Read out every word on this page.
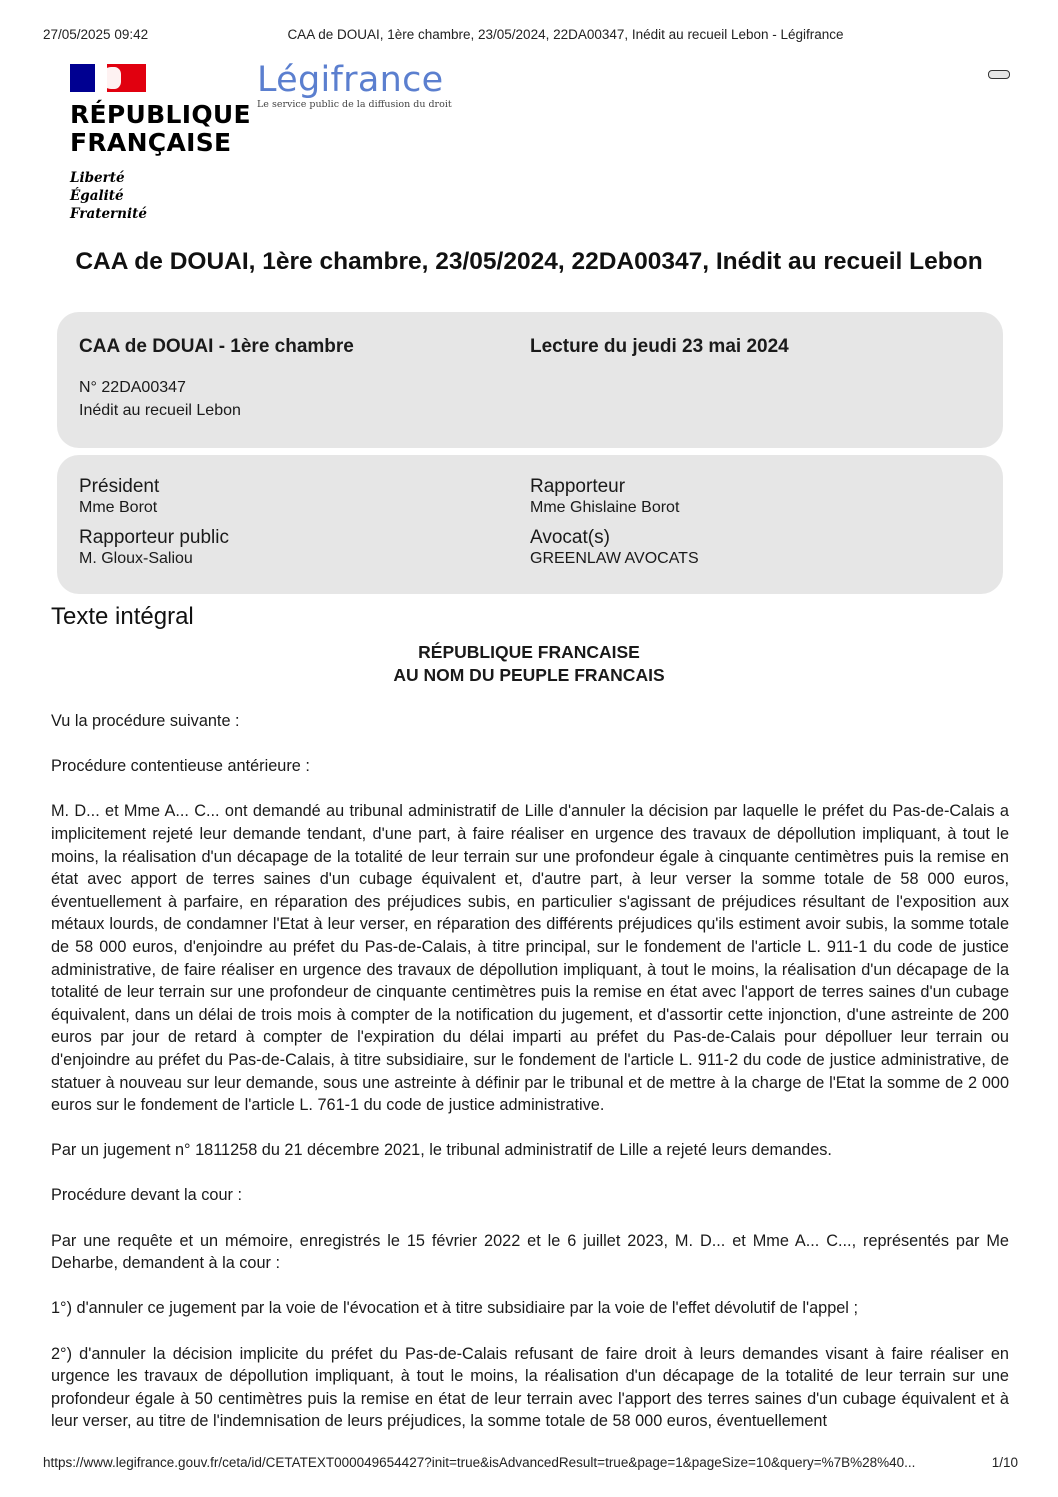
27/05/2025 09:42	CAA de DOUAI, 1ère chambre, 23/05/2024, 22DA00347, Inédit au recueil Lebon - Légifrance
RÉPUBLIQUE
FRANÇAISE
Liberté
Égalité
Fraternité
Légifrance
Le service public de la diffusion du droit
CAA de DOUAI, 1ère chambre, 23/05/2024, 22DA00347, Inédit au recueil Lebon
CAA de DOUAI - 1ère chambre	Lecture du jeudi 23 mai 2024
N° 22DA00347
Inédit au recueil Lebon
Président
Mme Borot
Rapporteur public
M. Gloux-Saliou
Rapporteur
Mme Ghislaine Borot
Avocat(s)
GREENLAW AVOCATS
Texte intégral
RÉPUBLIQUE FRANCAISE
AU NOM DU PEUPLE FRANCAIS

Vu la procédure suivante :

Procédure contentieuse antérieure :

M. D... et Mme A... C... ont demandé au tribunal administratif de Lille d'annuler la décision par laquelle le préfet du Pas-de-Calais a implicitement rejeté leur demande tendant, d'une part, à faire réaliser en urgence des travaux de dépollution impliquant, à tout le moins, la réalisation d'un décapage de la totalité de leur terrain sur une profondeur égale à cinquante centimètres puis la remise en état avec apport de terres saines d'un cubage équivalent et, d'autre part, à leur verser la somme totale de 58 000 euros, éventuellement à parfaire, en réparation des préjudices subis, en particulier s'agissant de préjudices résultant de l'exposition aux métaux lourds, de condamner l'Etat à leur verser, en réparation des différents préjudices qu'ils estiment avoir subis, la somme totale de 58 000 euros, d'enjoindre au préfet du Pas-de-Calais, à titre principal, sur le fondement de l'article L. 911-1 du code de justice administrative, de faire réaliser en urgence des travaux de dépollution impliquant, à tout le moins, la réalisation d'un décapage de la totalité de leur terrain sur une profondeur de cinquante centimètres puis la remise en état avec l'apport de terres saines d'un cubage équivalent, dans un délai de trois mois à compter de la notification du jugement, et d'assortir cette injonction, d'une astreinte de 200 euros par jour de retard à compter de l'expiration du délai imparti au préfet du Pas-de-Calais pour dépolluer leur terrain ou d'enjoindre au préfet du Pas-de-Calais, à titre subsidiaire, sur le fondement de l'article L. 911-2 du code de justice administrative, de statuer à nouveau sur leur demande, sous une astreinte à définir par le tribunal et de mettre à la charge de l'Etat la somme de 2 000 euros sur le fondement de l'article L. 761-1 du code de justice administrative.

Par un jugement n° 1811258 du 21 décembre 2021, le tribunal administratif de Lille a rejeté leurs demandes.

Procédure devant la cour :

Par une requête et un mémoire, enregistrés le 15 février 2022 et le 6 juillet 2023, M. D... et Mme A... C..., représentés par Me Deharbe, demandent à la cour :

1°) d'annuler ce jugement par la voie de l'évocation et à titre subsidiaire par la voie de l'effet dévolutif de l'appel ;

2°) d'annuler la décision implicite du préfet du Pas-de-Calais refusant de faire droit à leurs demandes visant à faire réaliser en urgence les travaux de dépollution impliquant, à tout le moins, la réalisation d'un décapage de la totalité de leur terrain sur une profondeur égale à 50 centimètres puis la remise en état de leur terrain avec l'apport des terres saines d'un cubage équivalent et à leur verser, au titre de l'indemnisation de leurs préjudices, la somme totale de 58 000 euros, éventuellement

https://www.legifrance.gouv.fr/ceta/id/CETATEXT000049654427?init=true&isAdvancedResult=true&page=1&pageSize=10&query=%7B%28%40...	1/10
